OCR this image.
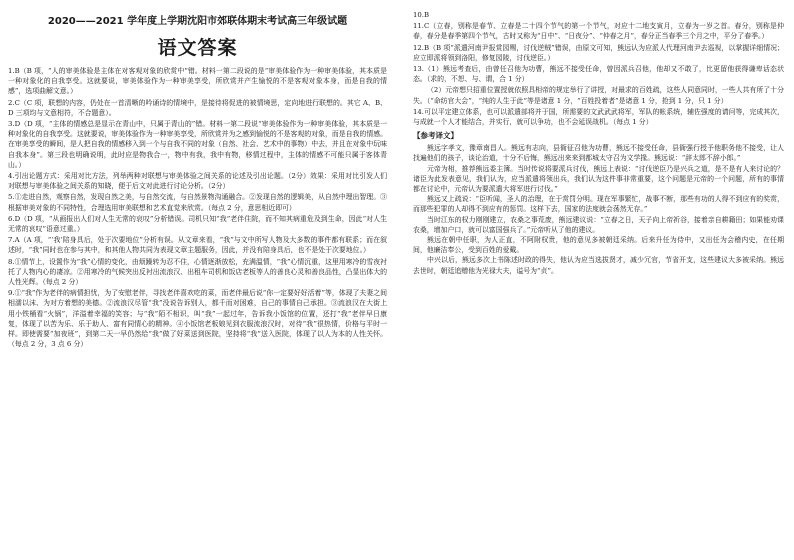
2020——2021 学年度上学期沈阳市郊联体期末考试高三年级试题
语文答案

1.B（B 项，“人的审美体验是主体在对客观对象的欣赏中”错。材料一第二段说的是“审美体验作为一种审美体验，其本质是一种对象化的自我享受。这就要说，审美体验作为一种审美享受，所欣赏并产生愉悦的不是客观对象本身，而是自我的情感”，选项曲解文意。）

2.C（C 项，联想的内容，仍处在一首清晰的吟诵诗的情境中，是接待将促进的被情境思，定向地进行联想的。其它 A、B、D 三项均与文意相符，不合题意）。

3.D（D 项，“主体的情感总是显示在青山中，只属于青山的”错。材料一第二段说“审美体验作为一种审美体验，其本质是一种对象化的自我享受。这就要说，审美体验作为一种审美享受，所欣赏并为之感到愉悦的不是客观的对象，而是自我的情感。在审美享受的瞬间，是人把自我的情感移入到一个与自我不同的对象（自然、社会、艺术中的事物）中去，并且在对象中玩味自我本身”。第三段也明确说明，此时应是物我合一，物中有我，我中有物，移情过程中，主体的情感不可能只属于客体青山。）

4.引出论题方式：采用对比方法，列举两种对联想与审美体验之间关系的论述及引出论题。（2分）效果：采用对比引发人们对联想与审美体验之间关系的知晓，便于后文对此进行讨论分析。（2分）

5.①走进自然，观察自然，发现自然之美，与自然交流，与自然景物沟通融合。②发现自然的逻辑美，从自然中理出智理。③根据审美对象的不同特性，合理选用审美联想和艺术直觉来欣赏。（每点 2 分，意思相近即可）

6.D（D 项，“从画报出人们对人生无常的哀叹”分析错误。司机只知“我”老伴住院，而不知其病重危及到生命，因此“对人生无常的哀叹”语意过重。）

7.A（A 项，“‘我’陪身具后，处于次要地位”分析有误。从文章来看，“我”与文中所写人物及大多数的事件都有联系；而在叙述时，“我”同时也在参与其中，和其他人物共同为表现文章主题服务，因此，并没有陪身具后，也不是处于次要地位。）

8.①情节上，设置作为“我”心情的变化，由烦躁转为忍不住，心情逐渐放松，充满温情，“我”心情沉重，这里用寒冷的雪夜衬托了人物内心的凄凉。②用寒冷的气候突出反衬出流浪汉、出租车司机和饭店老板等人的善良心灵和善良品性，凸显出体大的人性光辉。（每点 2 分）

9.①“我”作为老伴的病情担忧，为了安慰老伴，寻找老伴喜欢吃的菜，而老伴最后说“你一定要好好活着”等，体现了夫妻之间相濡以沫、为对方着想的美德。②流浪汉尽管“我”没说告诉别人，都千而对困难，自己的事情自己承担。③流浪汉在大街上用小铁桶看“火锅”，洋溢着幸福的笑容；与“我”陌不相识，叫“我”一起过年，告诉我小饭馆的位置，还打“我”老伴早日康复，体现了以苦为乐、乐于助人、富有同情心的精神。④小饭馆老板娘见到衣服流浪汉时，对待“我”很热情，价格与平时一样。即使需要“加夜班”，到第二天一早仍然给“我”做了好菜送到医院，坚持将“我”送入医院，体现了以人为本的人性关怀。（每点 2 分，3 点 6 分）

10.B

11.C（立春，别称是春节、立春是二十四个节气的第一个节气，对应十二地支寅月，立春为一岁之首。春分，别称是仲春，春分是春季第四个节气，古时又称为“日中”、“日夜分”、“仲春之月”，春分正当春季三个月之中，平分了春季。）

12.B（B 项“派遣河南尹报赏园赐，讨伐逆贼”错误，由原文可知，熊远认为应派人代理河南尹去巡视，以掌握详细情况；应立即派将领到洛阳，修复园陵，讨伐逆臣。）

13.（1）熊远考查后，由曾任召他为功曹，熊远不接受任命，曾因派兵召他，他却又不敢了，比更留他获得谦卑话态状态。（求的，不恕、与、谓，合 1 分）

（2）元帝想只招重位置授就依照具相帝的规定举行了讲授，对最求的百姓疏，这些人同意同时，一些人共有所了十分失。（“命纺官大会”，“纯的人生于此”等是诸意 1 分，“百姓投着者”是诸意 1 分，抢到 1 分，只 1 分）

14.可以平定建立体系，也可以派遣部将并于国，所需要的文武武武将军，军队的帐系统，辅佐强度的请问等，完成其次，与成就一个人才能结合，并实行，就可以争功，也不会延误战机。（每点 1 分）

【参考译文】

熊远字孝文，豫章南昌人。熊远有志向，县衙征召他为功曹，熊远不接受任命，县衙强行授予他职务他不接受，让人找遍他们的孩子，谈论治道，十分不后悔，熊远出来来到都城太守召为文学掾。熊远说：“辞太郎不辞小郎。”

元帝为相，推荐熊远委主簿。当时传说将要派兵讨伐，熊远上表说：“讨伐逆臣乃是兴兵之道，是不是有人来讨论的？诸臣为此发表意见，我们认为，应当派遣将领出兵，我们认为这件事非常重要，这个问题是元帝的一个问题，所有的事情都在讨论中，元帝认为要派遣大将军进行讨伐。”

熊远又上疏说：“臣听闻，圣人的治理，在于赏罚分明。现在军事繁忙，战事不断，那些有功的人得不到应有的奖赏，而那些犯罪的人却得不到应有的惩罚。这样下去，国家的法度就会荡然无存。”

当时江东的权力刚刚建立，农桑之事荒废，熊远建议说：“立春之日，天子向上帝祈谷，接着亲自耕籍田；如果能劝课农桑，增加户口，就可以富国强兵了。”元帝听从了他的建议。

熊远在朝中任职，为人正直，不阿附权贵，他的意见多被朝廷采纳。后来升任为侍中，又出任为会稽内史，在任期间，他廉洁奉公，受到百姓的爱戴。

中兴以后，熊远多次上书陈述时政的得失，他认为应当选拔贤才，减少冗官，节省开支，这些建议大多被采纳。熊远去世时，朝廷追赠他为光禄大夫，谥号为“贞”。
